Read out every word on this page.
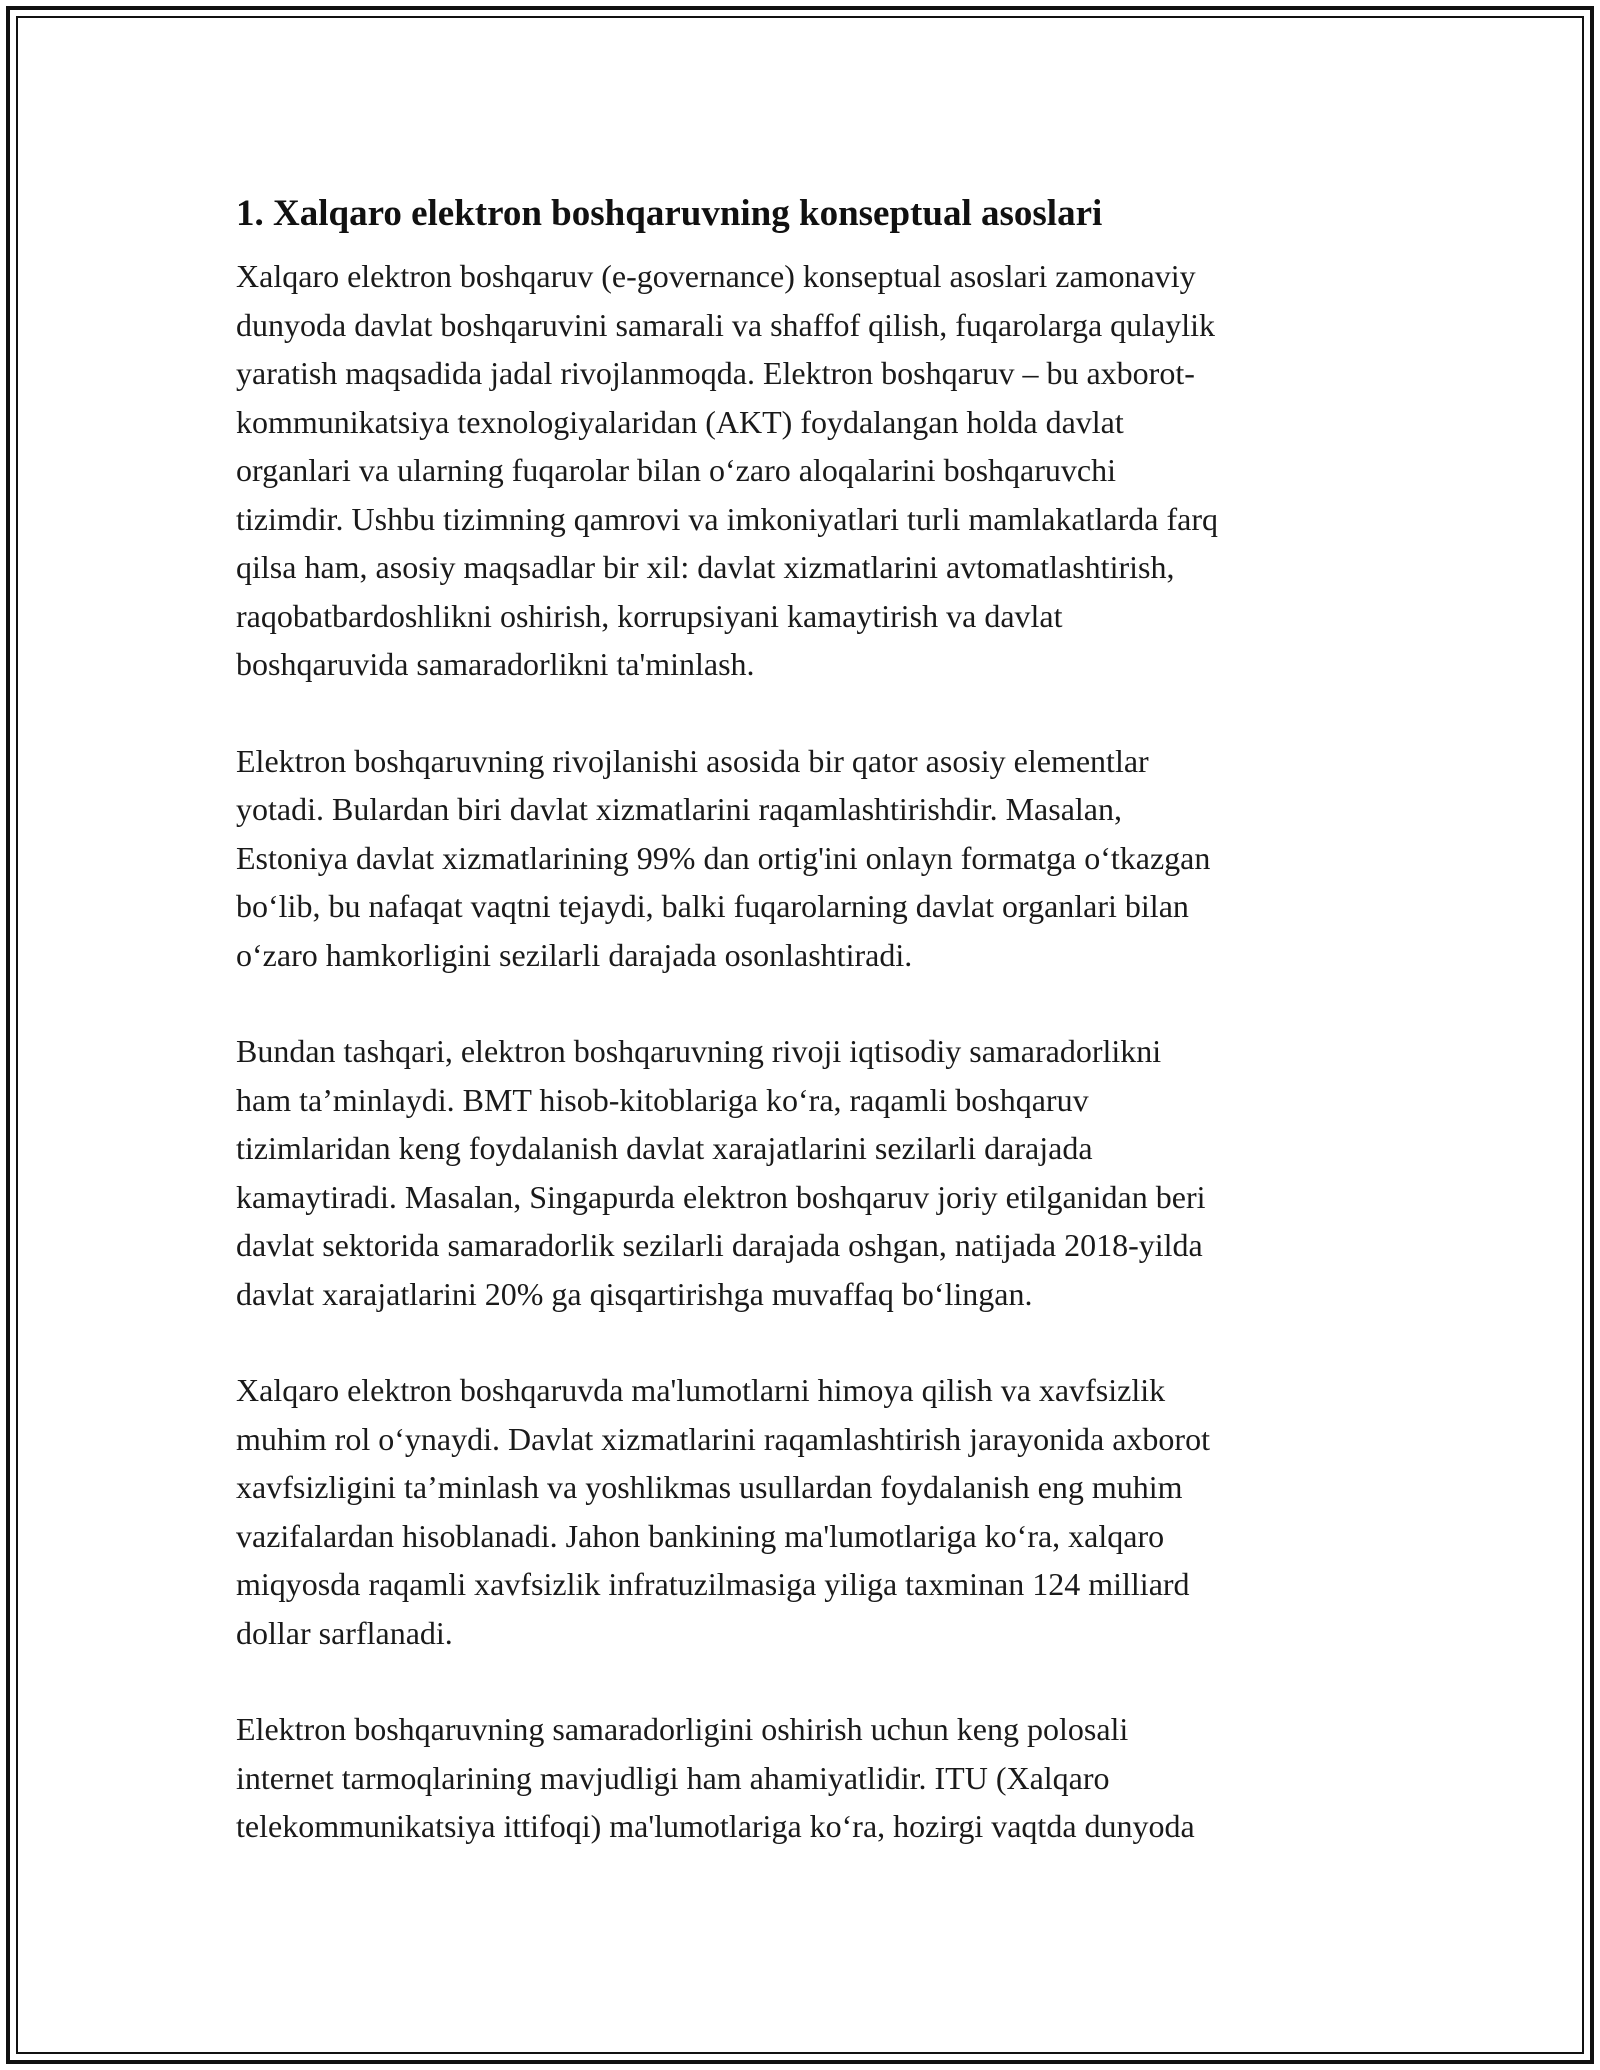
1. Xalqaro elektron boshqaruvning konseptual asoslari

Xalqaro elektron boshqaruv (e-governance) konseptual asoslari zamonaviy
dunyoda davlat boshqaruvini samarali va shaffof qilish, fuqarolarga qulaylik
yaratish maqsadida jadal rivojlanmoqda. Elektron boshqaruv – bu axborot-
kommunikatsiya texnologiyalaridan (AKT) foydalangan holda davlat
organlari va ularning fuqarolar bilan oʻzaro aloqalarini boshqaruvchi
tizimdir. Ushbu tizimning qamrovi va imkoniyatlari turli mamlakatlarda farq
qilsa ham, asosiy maqsadlar bir xil: davlat xizmatlarini avtomatlashtirish,
raqobatbardoshlikni oshirish, korrupsiyani kamaytirish va davlat
boshqaruvida samaradorlikni ta'minlash.

Elektron boshqaruvning rivojlanishi asosida bir qator asosiy elementlar
yotadi. Bulardan biri davlat xizmatlarini raqamlashtirishdir. Masalan,
Estoniya davlat xizmatlarining 99% dan ortig'ini onlayn formatga oʻtkazgan
boʻlib, bu nafaqat vaqtni tejaydi, balki fuqarolarning davlat organlari bilan
oʻzaro hamkorligini sezilarli darajada osonlashtiradi.

Bundan tashqari, elektron boshqaruvning rivoji iqtisodiy samaradorlikni
ham ta’minlaydi. BMT hisob-kitoblariga koʻra, raqamli boshqaruv
tizimlaridan keng foydalanish davlat xarajatlarini sezilarli darajada
kamaytiradi. Masalan, Singapurda elektron boshqaruv joriy etilganidan beri
davlat sektorida samaradorlik sezilarli darajada oshgan, natijada 2018-yilda
davlat xarajatlarini 20% ga qisqartirishga muvaffaq boʻlingan.

Xalqaro elektron boshqaruvda ma'lumotlarni himoya qilish va xavfsizlik
muhim rol oʻynaydi. Davlat xizmatlarini raqamlashtirish jarayonida axborot
xavfsizligini ta’minlash va yoshlikmas usullardan foydalanish eng muhim
vazifalardan hisoblanadi. Jahon bankining ma'lumotlariga koʻra, xalqaro
miqyosda raqamli xavfsizlik infratuzilmasiga yiliga taxminan 124 milliard
dollar sarflanadi.

Elektron boshqaruvning samaradorligini oshirish uchun keng polosali
internet tarmoqlarining mavjudligi ham ahamiyatlidir. ITU (Xalqaro
telekommunikatsiya ittifoqi) ma'lumotlariga koʻra, hozirgi vaqtda dunyoda
